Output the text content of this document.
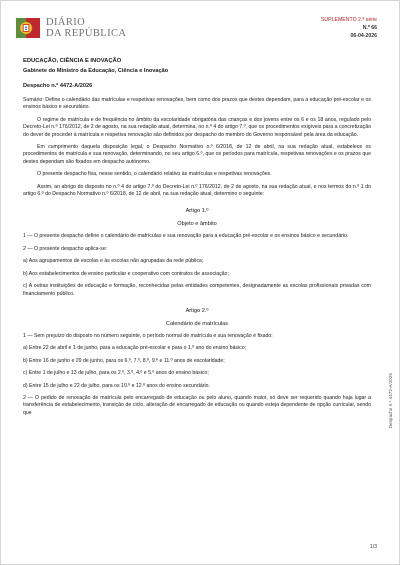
DIÁRIO
DA REPÚBLICA
SUPLEMENTO 2.ª série
N.º 66
06-04-2026

EDUCAÇÃO, CIÊNCIA E INOVAÇÃO

Gabinete do Ministro da Educação, Ciência e Inovação

Despacho n.º 4472-A/2026

Sumário: Define o calendário das matrículas e respetivas renovações, bem como dos prazos que destes dependam, para a educação pré-escolar e os ensinos básico e secundário.

O regime de matrícula e de frequência no âmbito da escolaridade obrigatória das crianças e dos jovens entre os 6 e os 18 anos, regulado pelo Decreto-Lei n.º 176/2012, de 2 de agosto, na sua redação atual, determina, no n.º 4 do artigo 7.º, que os procedimentos exigíveis para a concretização do dever de proceder à matrícula e respetiva renovação são definidos por despacho do membro do Governo responsável pela área da educação.

Em cumprimento daquela disposição legal, o Despacho Normativo n.º 6/2018, de 12 de abril, na sua redação atual, estabelece os procedimentos de matrícula e sua renovação, determinando, no seu artigo 6.º, que os períodos para matrícula, respetivas renovações e os prazos que destes dependam são fixados em despacho autónomo.

O presente despacho fixa, nesse sentido, o calendário relativo às matrículas e respetivas renovações.

Assim, ao abrigo do disposto no n.º 4 do artigo 7.º do Decreto-Lei n.º 176/2012, de 2 de agosto, na sua redação atual, e nos termos do n.º 1 do artigo 6.º do Despacho Normativo n.º 6/2018, de 12 de abril, na sua redação atual, determino o seguinte:

Artigo 1.º

Objeto e âmbito

1 — O presente despacho define o calendário de matrículas e sua renovação para a educação pré-escolar e os ensinos básico e secundário.

2 — O presente despacho aplica-se:

a) Aos agrupamentos de escolas e às escolas não agrupadas da rede pública;

b) Aos estabelecimentos de ensino particular e cooperativo com contratos de associação;

c) A outras instituições de educação e formação, reconhecidas pelas entidades competentes, designadamente as escolas profissionais privadas com financiamento público.

Artigo 2.º

Calendário de matrículas

1 — Sem prejuízo do disposto no número seguinte, o período normal de matrícula e sua renovação é fixado:

a) Entre 22 de abril e 1 de junho, para a educação pré-escolar e para o 1.º ano do ensino básico;

b) Entre 16 de junho e 29 de junho, para os 6.º, 7.º, 8.º, 9.º e 11.º anos de escolaridade;

c) Entre 1 de julho e 13 de julho, para os 2.º, 3.º, 4.º e 5.º anos do ensino básico;

d) Entre 15 de julho e 22 de julho, para os 10.º e 12.º anos do ensino secundário.

2 — O pedido de renovação de matrícula pelo encarregado de educação ou pelo aluno, quando maior, só deve ser requerido quando haja lugar a transferência de estabelecimento, transição de ciclo, alteração de encarregado de educação ou quando esteja dependente de opção curricular, sendo que	Despacho n.º 4472-A/2026
1/3
